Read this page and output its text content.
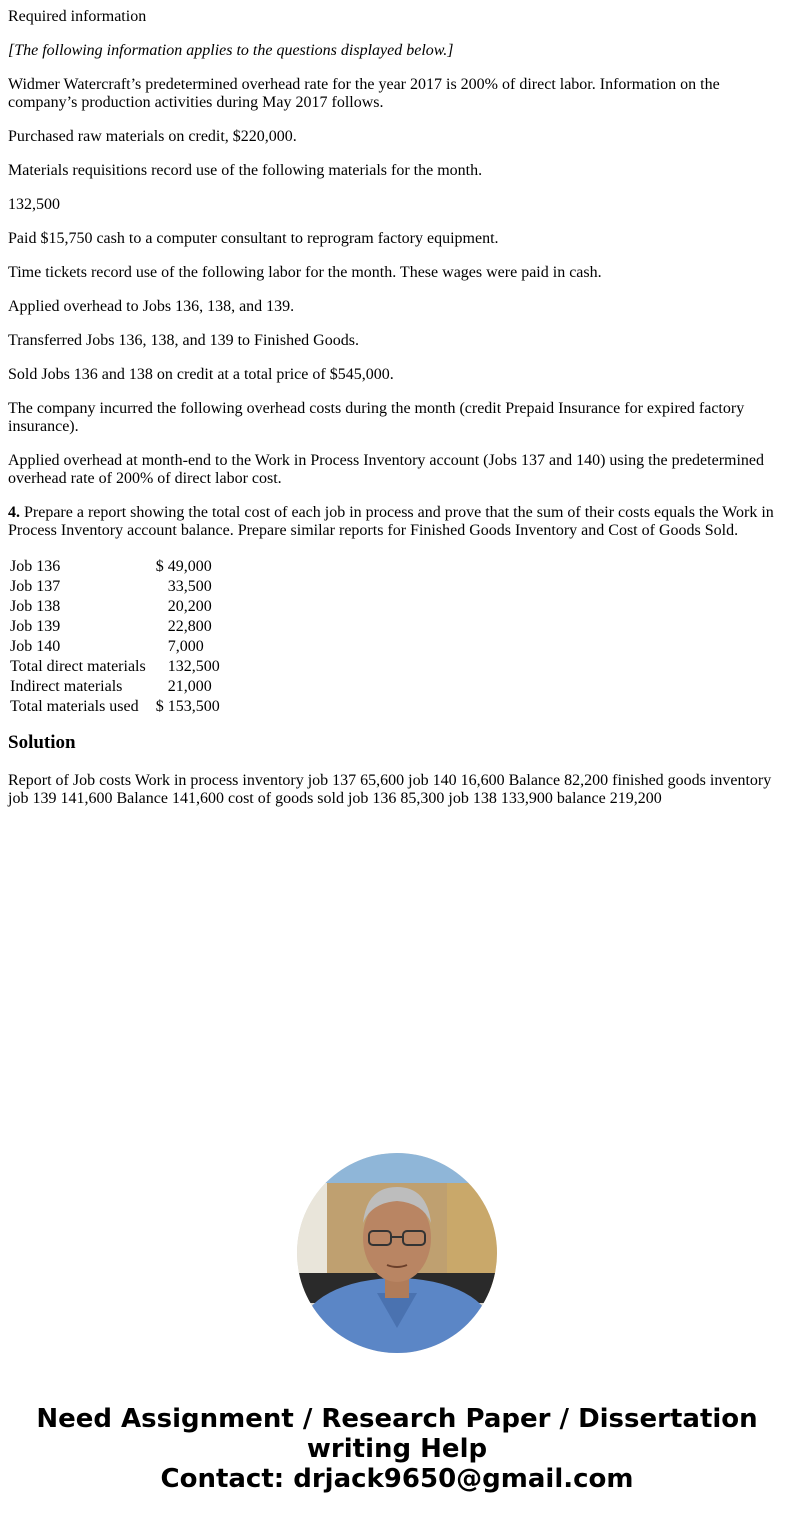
Required information

[The following information applies to the questions displayed below.]

Widmer Watercraft’s predetermined overhead rate for the year 2017 is 200% of direct labor. Information on the company’s production activities during May 2017 follows.

Purchased raw materials on credit, $220,000.

Materials requisitions record use of the following materials for the month.

132,500

Paid $15,750 cash to a computer consultant to reprogram factory equipment.

Time tickets record use of the following labor for the month. These wages were paid in cash.

Applied overhead to Jobs 136, 138, and 139.

Transferred Jobs 136, 138, and 139 to Finished Goods.

Sold Jobs 136 and 138 on credit at a total price of $545,000.

The company incurred the following overhead costs during the month (credit Prepaid Insurance for expired factory insurance).

Applied overhead at month-end to the Work in Process Inventory account (Jobs 137 and 140) using the predetermined overhead rate of 200% of direct labor cost.

4. Prepare a report showing the total cost of each job in process and prove that the sum of their costs equals the Work in Process Inventory account balance. Prepare similar reports for Finished Goods Inventory and Cost of Goods Sold.

Job 136	$	49,000
Job 137		33,500
Job 138		20,200
Job 139		22,800
Job 140		7,000
Total direct materials		132,500
Indirect materials		21,000
Total materials used	$	153,500
Solution

Report of Job costs Work in process inventory job 137 65,600 job 140 16,600 Balance 82,200 finished goods inventory job 139 141,600 Balance 141,600 cost of goods sold job 136 85,300 job 138 133,900 balance 219,200

Need Assignment / Research Paper / Dissertation
writing Help
Contact: drjack9650@gmail.com
